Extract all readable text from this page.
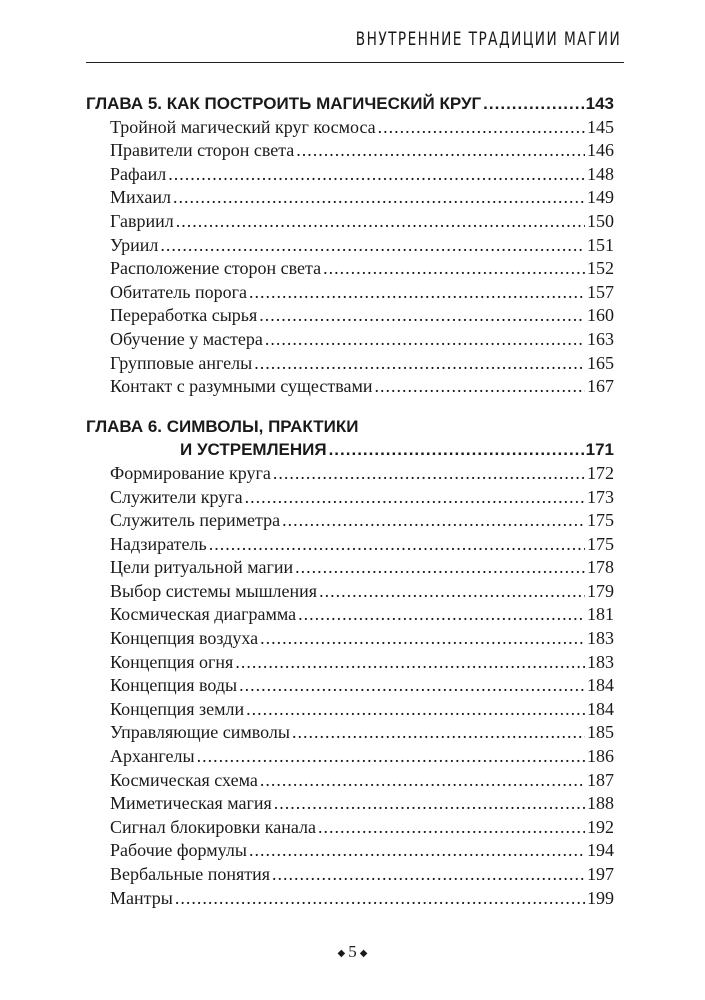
ВНУТРЕННИЕ ТРАДИЦИИ МАГИИ
ГЛАВА 5. КАК ПОСТРОИТЬ МАГИЧЕСКИЙ КРУГ .....	143
Тройной магический круг космоса .....	145
Правители сторон света .....	146
Рафаил .....	148
Михаил .....	149
Гавриил .....	150
Уриил .....	151
Расположение сторон света .....	152
Обитатель порога .....	157
Переработка сырья .....	160
Обучение у мастера .....	163
Групповые ангелы .....	165
Контакт с разумными существами .....	167
ГЛАВА 6. СИМВОЛЫ, ПРАКТИКИ
И УСТРЕМЛЕНИЯ .....	171
Формирование круга .....	172
Служители круга .....	173
Служитель периметра .....	175
Надзиратель .....	175
Цели ритуальной магии .....	178
Выбор системы мышления .....	179
Космическая диаграмма .....	181
Концепция воздуха .....	183
Концепция огня .....	183
Концепция воды .....	184
Концепция земли .....	184
Управляющие символы .....	185
Архангелы .....	186
Космическая схема .....	187
Миметическая магия .....	188
Сигнал блокировки канала .....	192
Рабочие формулы .....	194
Вербальные понятия .....	197
Мантры .....	199
◆ 5 ◆
